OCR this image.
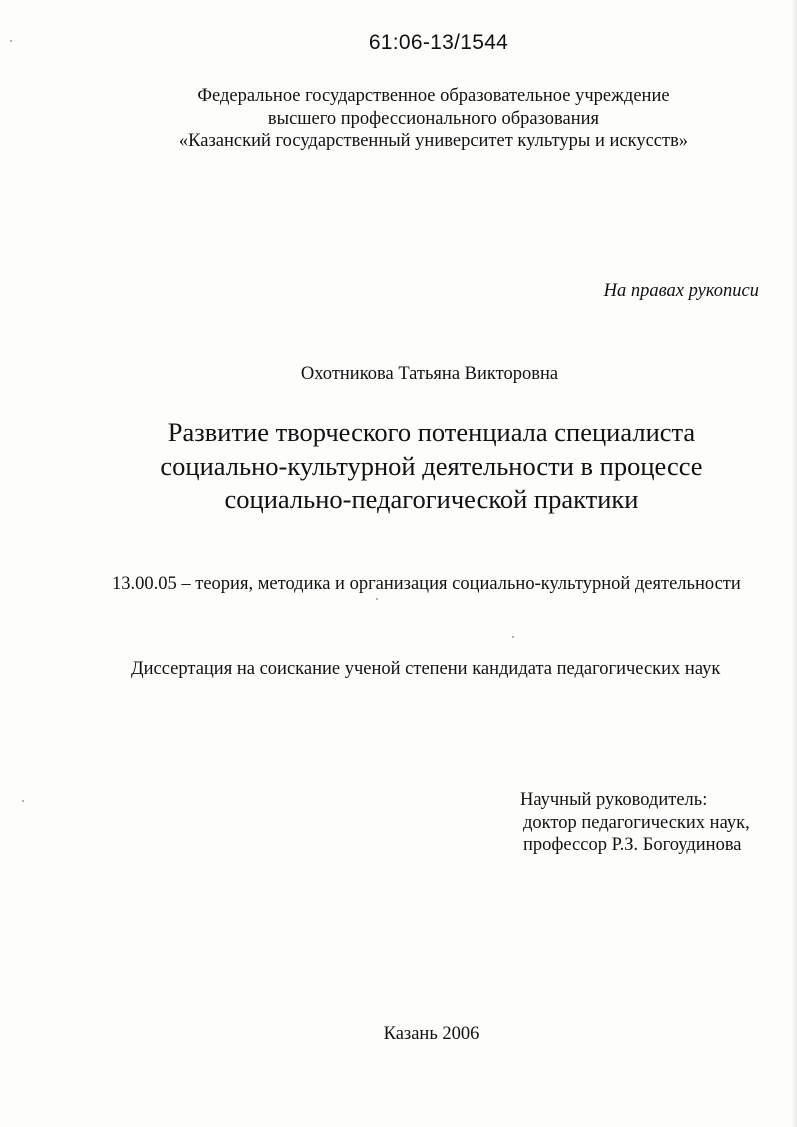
61:06-13/1544
Федеральное государственное образовательное учреждение
высшего профессионального образования
«Казанский государственный университет культуры и искусств»
На правах рукописи
Охотникова Татьяна Викторовна
Развитие творческого потенциала специалиста
социально-культурной деятельности в процессе
социально-педагогической практики
13.00.05 – теория, методика и организация социально-культурной деятельности
Диссертация на соискание ученой степени кандидата педагогических наук
Научный руководитель:
доктор педагогических наук,
профессор Р.З. Богоудинова
Казань 2006
